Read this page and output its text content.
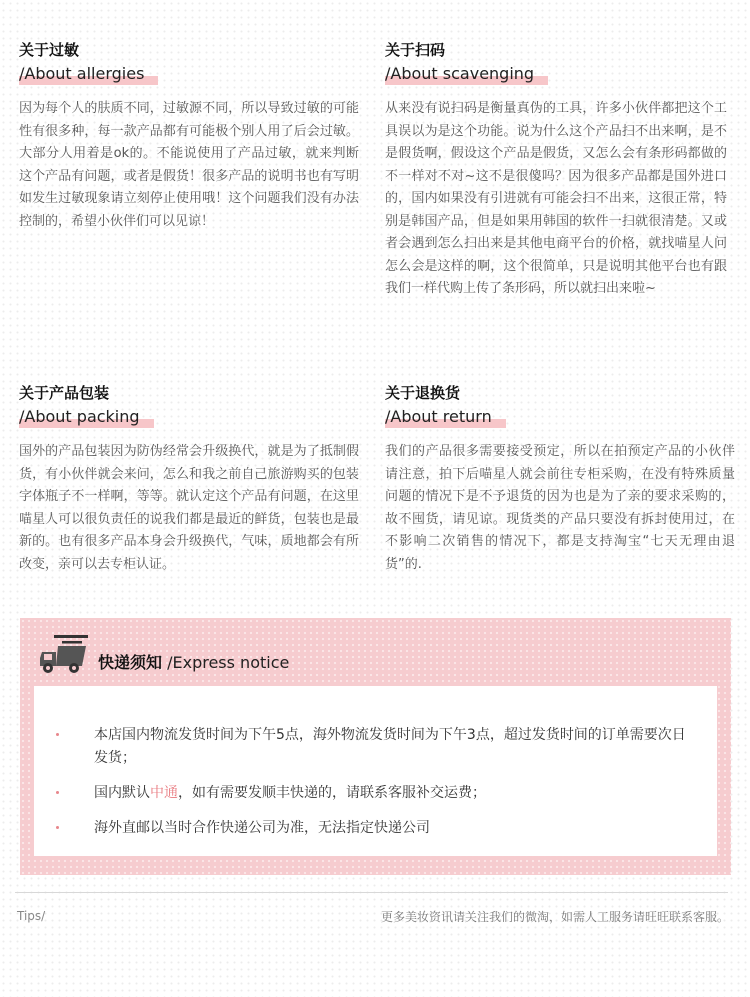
关于过敏
/About allergies
因为每个人的肤质不同，过敏源不同，所以导致过敏的可能性有很多种，每一款产品都有可能极个别人用了后会过敏。大部分人用着是ok的。不能说使用了产品过敏，就来判断这个产品有问题，或者是假货！很多产品的说明书也有写明如发生过敏现象请立刻停止使用哦！这个问题我们没有办法控制的，希望小伙伴们可以见谅！
关于扫码
/About scavenging
从来没有说扫码是衡量真伪的工具，许多小伙伴都把这个工具误以为是这个功能。说为什么这个产品扫不出来啊，是不是假货啊，假设这个产品是假货，又怎么会有条形码都做的不一样对不对~这不是很傻吗？因为很多产品都是国外进口的，国内如果没有引进就有可能会扫不出来，这很正常，特别是韩国产品，但是如果用韩国的软件一扫就很清楚。又或者会遇到怎么扫出来是其他电商平台的价格，就找喵星人问怎么会是这样的啊，这个很简单，只是说明其他平台也有跟我们一样代购上传了条形码，所以就扫出来啦~
关于产品包装
/About packing
国外的产品包装因为防伪经常会升级换代，就是为了抵制假货，有小伙伴就会来问，怎么和我之前自己旅游购买的包装字体瓶子不一样啊，等等。就认定这个产品有问题，在这里喵星人可以很负责任的说我们都是最近的鲜货，包装也是最新的。也有很多产品本身会升级换代，气味，质地都会有所改变，亲可以去专柜认证。
关于退换货
/About return
我们的产品很多需要接受预定，所以在拍预定产品的小伙伴请注意，拍下后喵星人就会前往专柜采购，在没有特殊质量问题的情况下是不予退货的因为也是为了亲的要求采购的，故不囤货，请见谅。现货类的产品只要没有拆封使用过，在不影响二次销售的情况下，都是支持淘宝“七天无理由退货”的.
快递须知 /Express notice
本店国内物流发货时间为下午5点，海外物流发货时间为下午3点，超过发货时间的订单需要次日发货；
国内默认中通，如有需要发顺丰快递的，请联系客服补交运费；
海外直邮以当时合作快递公司为准，无法指定快递公司
Tips/	更多美妆资讯请关注我们的微淘，如需人工服务请旺旺联系客服。
